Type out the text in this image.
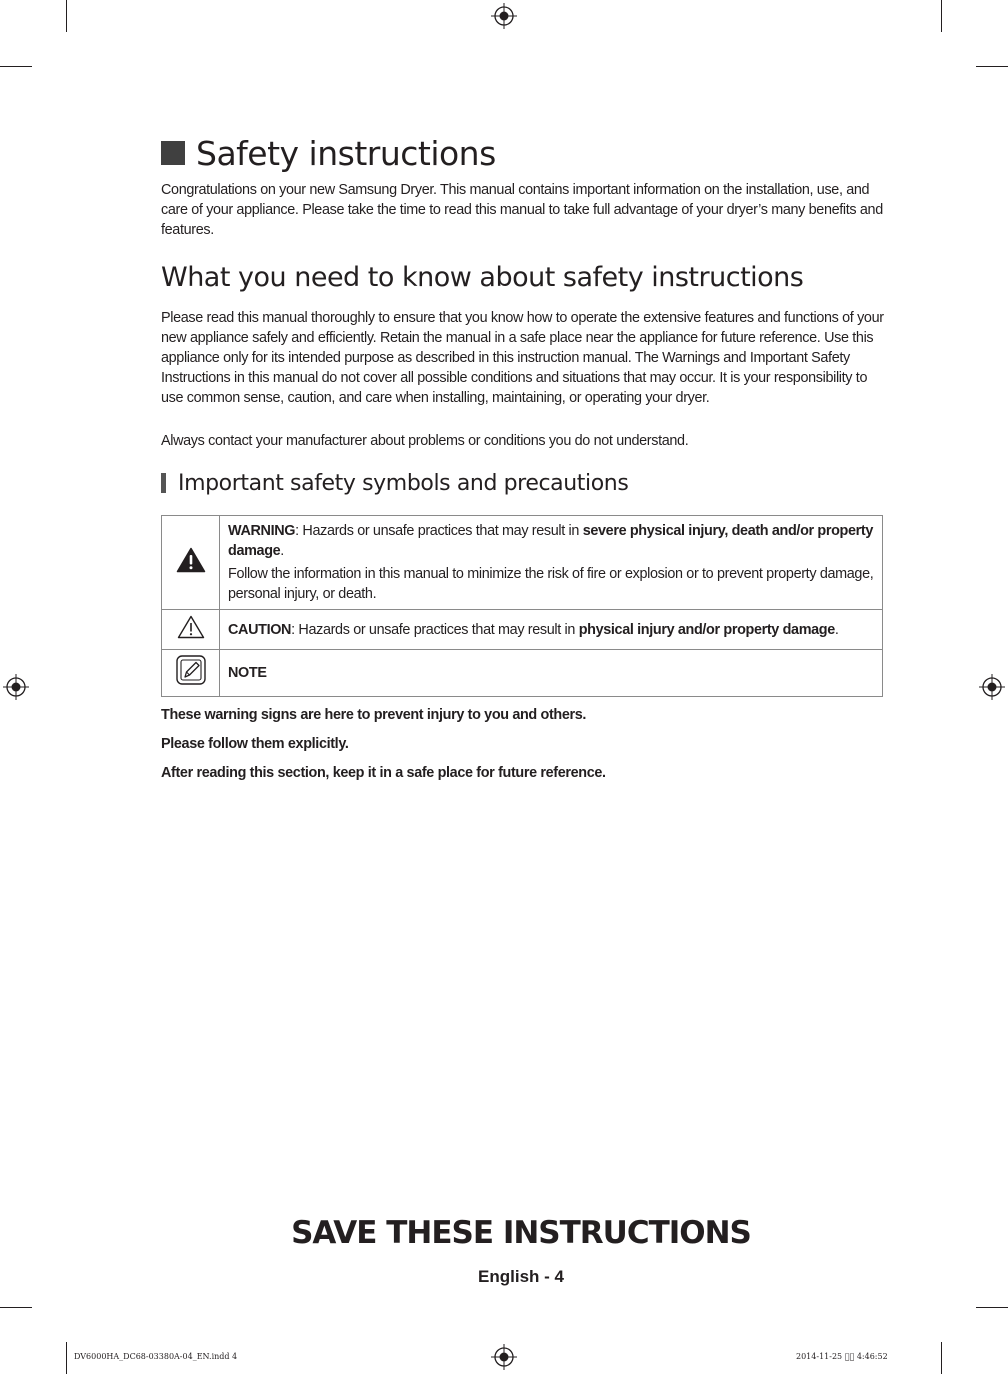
Safety instructions
Congratulations on your new Samsung Dryer. This manual contains important information on the installation, use, and care of your appliance. Please take the time to read this manual to take full advantage of your dryer’s many benefits and features.
What you need to know about safety instructions
Please read this manual thoroughly to ensure that you know how to operate the extensive features and functions of your new appliance safely and efficiently. Retain the manual in a safe place near the appliance for future reference. Use this appliance only for its intended purpose as described in this instruction manual. The Warnings and Important Safety Instructions in this manual do not cover all possible conditions and situations that may occur. It is your responsibility to use common sense, caution, and care when installing, maintaining, or operating your dryer.
Always contact your manufacturer about problems or conditions you do not understand.
Important safety symbols and precautions

WARNING: Hazards or unsafe practices that may result in severe physical injury, death and/or property damage.

Follow the information in this manual to minimize the risk of fire or explosion or to prevent property damage, personal injury, or death.

CAUTION: Hazards or unsafe practices that may result in physical injury and/or property damage.

NOTE

These warning signs are here to prevent injury to you and others.
Please follow them explicitly.
After reading this section, keep it in a safe place for future reference.
SAVE THESE INSTRUCTIONS
English - 4
DV6000HA_DC68-03380A-04_EN.indd 4	2014-11-25 ￿￿ 4:46:52
